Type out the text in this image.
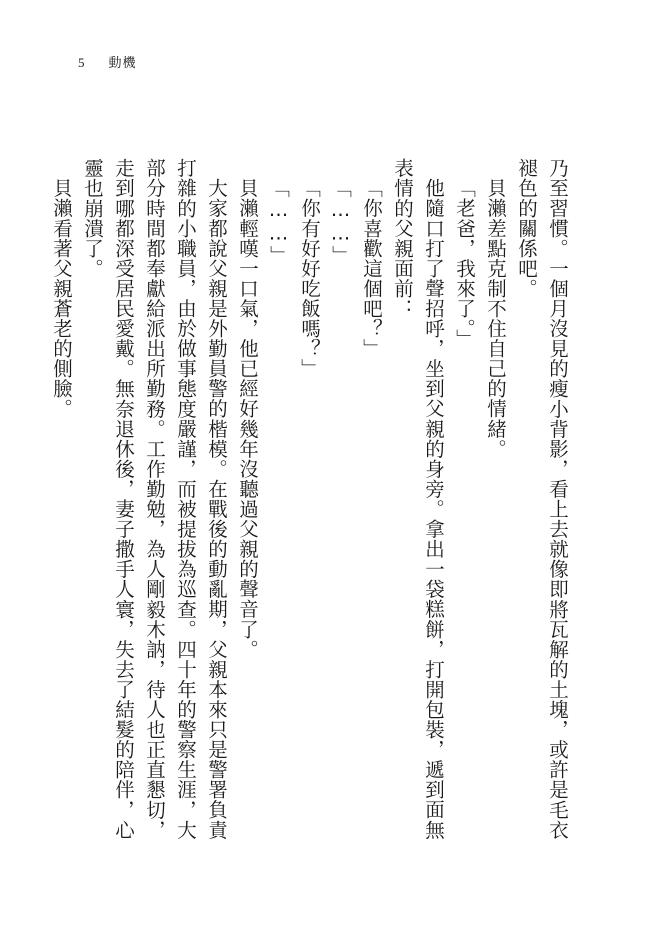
5 動機

乃至習慣。一個月沒見的瘦小背影，看上去就像即將瓦解的土塊，或許是毛衣褪色的關係吧。

貝瀨差點克制不住自己的情緒。

「老爸，我來了。」

他隨口打了聲招呼，坐到父親的身旁。拿出一袋糕餅，打開包裝，遞到面無表情的父親面前：

「你喜歡這個吧？」

「……」

「你有好好吃飯嗎？」

「……」

貝瀨輕嘆一口氣，他已經好幾年沒聽過父親的聲音了。

大家都說父親是外勤員警的楷模。在戰後的動亂期，父親本來只是警署負責打雜的小職員，由於做事態度嚴謹，而被提拔為巡查。四十年的警察生涯，大部分時間都奉獻給派出所勤務。工作勤勉，為人剛毅木訥，待人也正直懇切，走到哪都深受居民愛戴。無奈退休後，妻子撒手人寰，失去了結髮的陪伴，心靈也崩潰了。

貝瀨看著父親蒼老的側臉。
